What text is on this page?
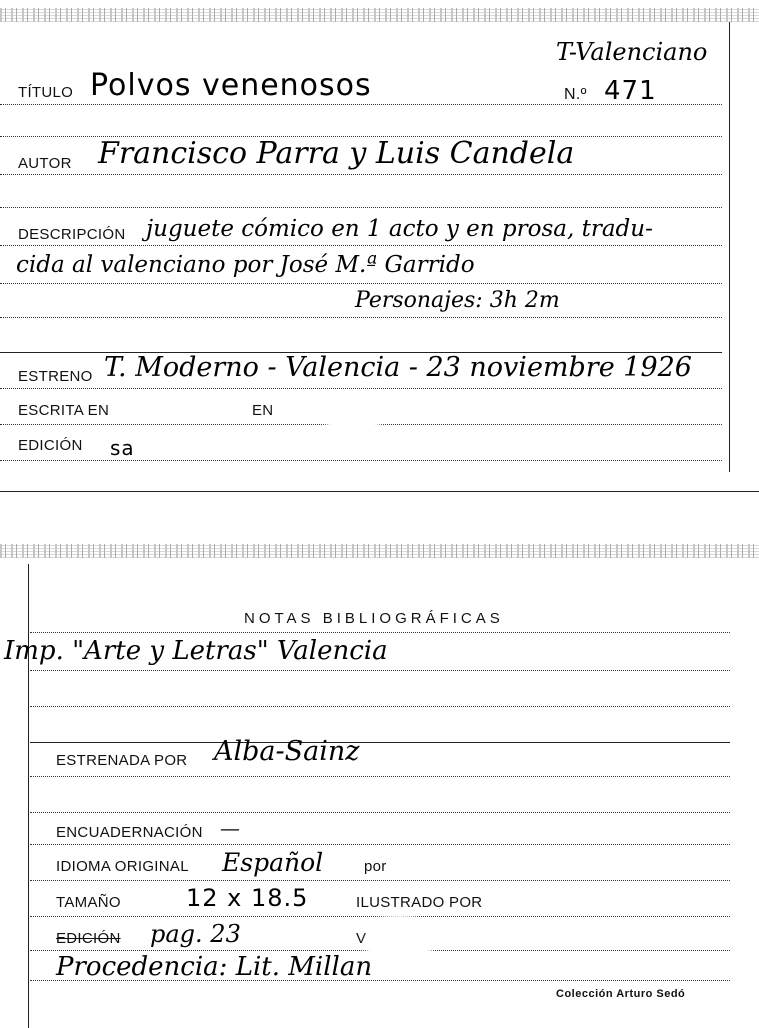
T-Valenciano
N.º 471
TÍTULO Polvos venenosos
AUTOR Francisco Parra y Luis Candela
DESCRIPCIÓN juguete cómico en 1 acto y en prosa, tradu-
cida al valenciano por José M.ª Garrido
Personajes: 3h 2m
ESTRENO T. Moderno - Valencia - 23 noviembre 1926
ESCRITA EN	EN
EDICIÓN sa
NOTAS BIBLIOGRÁFICAS
Imp. "Arte y Letras" Valencia
ESTRENADA POR Alba-Sainz
ENCUADERNACIÓN —
IDIOMA ORIGINAL Español	por
TAMAÑO	12 x 18.5	ILUSTRADO POR
EDICIÓN pag. 23	V
Procedencia: Lit. Millan
Colección Arturo Sedó
